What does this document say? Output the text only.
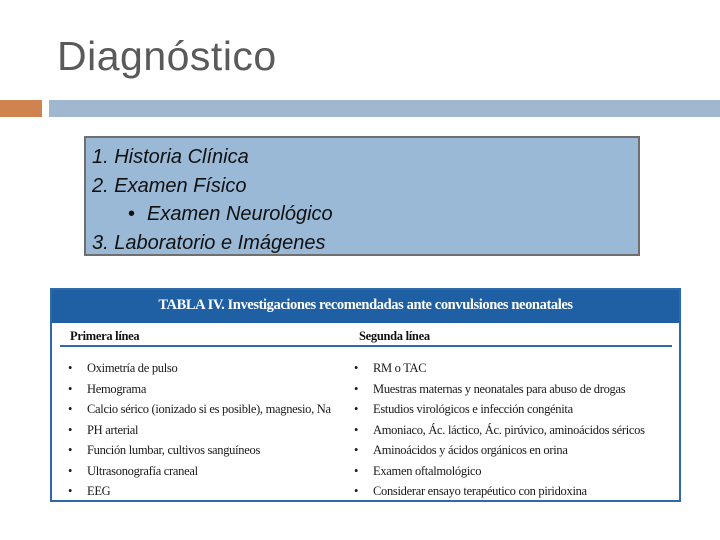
Diagnóstico
1. Historia Clínica
2. Examen Físico
• Examen Neurológico
3. Laboratorio e Imágenes
TABLA IV. Investigaciones recomendadas ante convulsiones neonatales
Primera línea	Segunda línea
• Oximetría de pulso
• Hemograma
• Calcio sérico (ionizado si es posible), magnesio, Na
• PH arterial
• Función lumbar, cultivos sanguíneos
• Ultrasonografía craneal
• EEG
• RM o TAC
• Muestras maternas y neonatales para abuso de drogas
• Estudios virológicos e infección congénita
• Amoniaco, Ác. láctico, Ác. pirúvico, aminoácidos séricos
• Aminoácidos y ácidos orgánicos en orina
• Examen oftalmológico
• Considerar ensayo terapéutico con piridoxina
